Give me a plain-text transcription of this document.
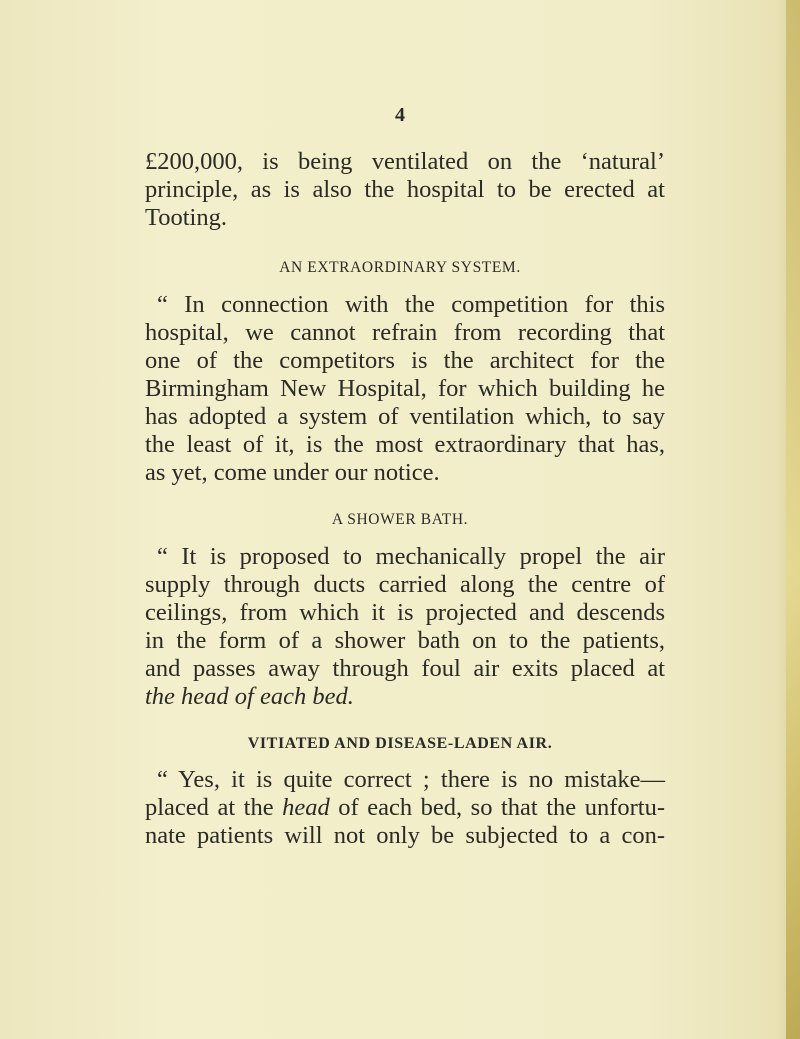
4
£200,000, is being ventilated on the ‘natural’
principle, as is also the hospital to be erected at
Tooting.
AN EXTRAORDINARY SYSTEM.
“ In connection with the competition for this
hospital, we cannot refrain from recording that
one of the competitors is the architect for the
Birmingham New Hospital, for which building he
has adopted a system of ventilation which, to say
the least of it, is the most extraordinary that has,
as yet, come under our notice.
A SHOWER BATH.
“ It is proposed to mechanically propel the air
supply through ducts carried along the centre of
ceilings, from which it is projected and descends
in the form of a shower bath on to the patients,
and passes away through foul air exits placed at
the head of each bed.
VITIATED AND DISEASE-LADEN AIR.
“ Yes, it is quite correct ; there is no mistake—
placed at the head of each bed, so that the unfortu-
nate patients will not only be subjected to a con-
